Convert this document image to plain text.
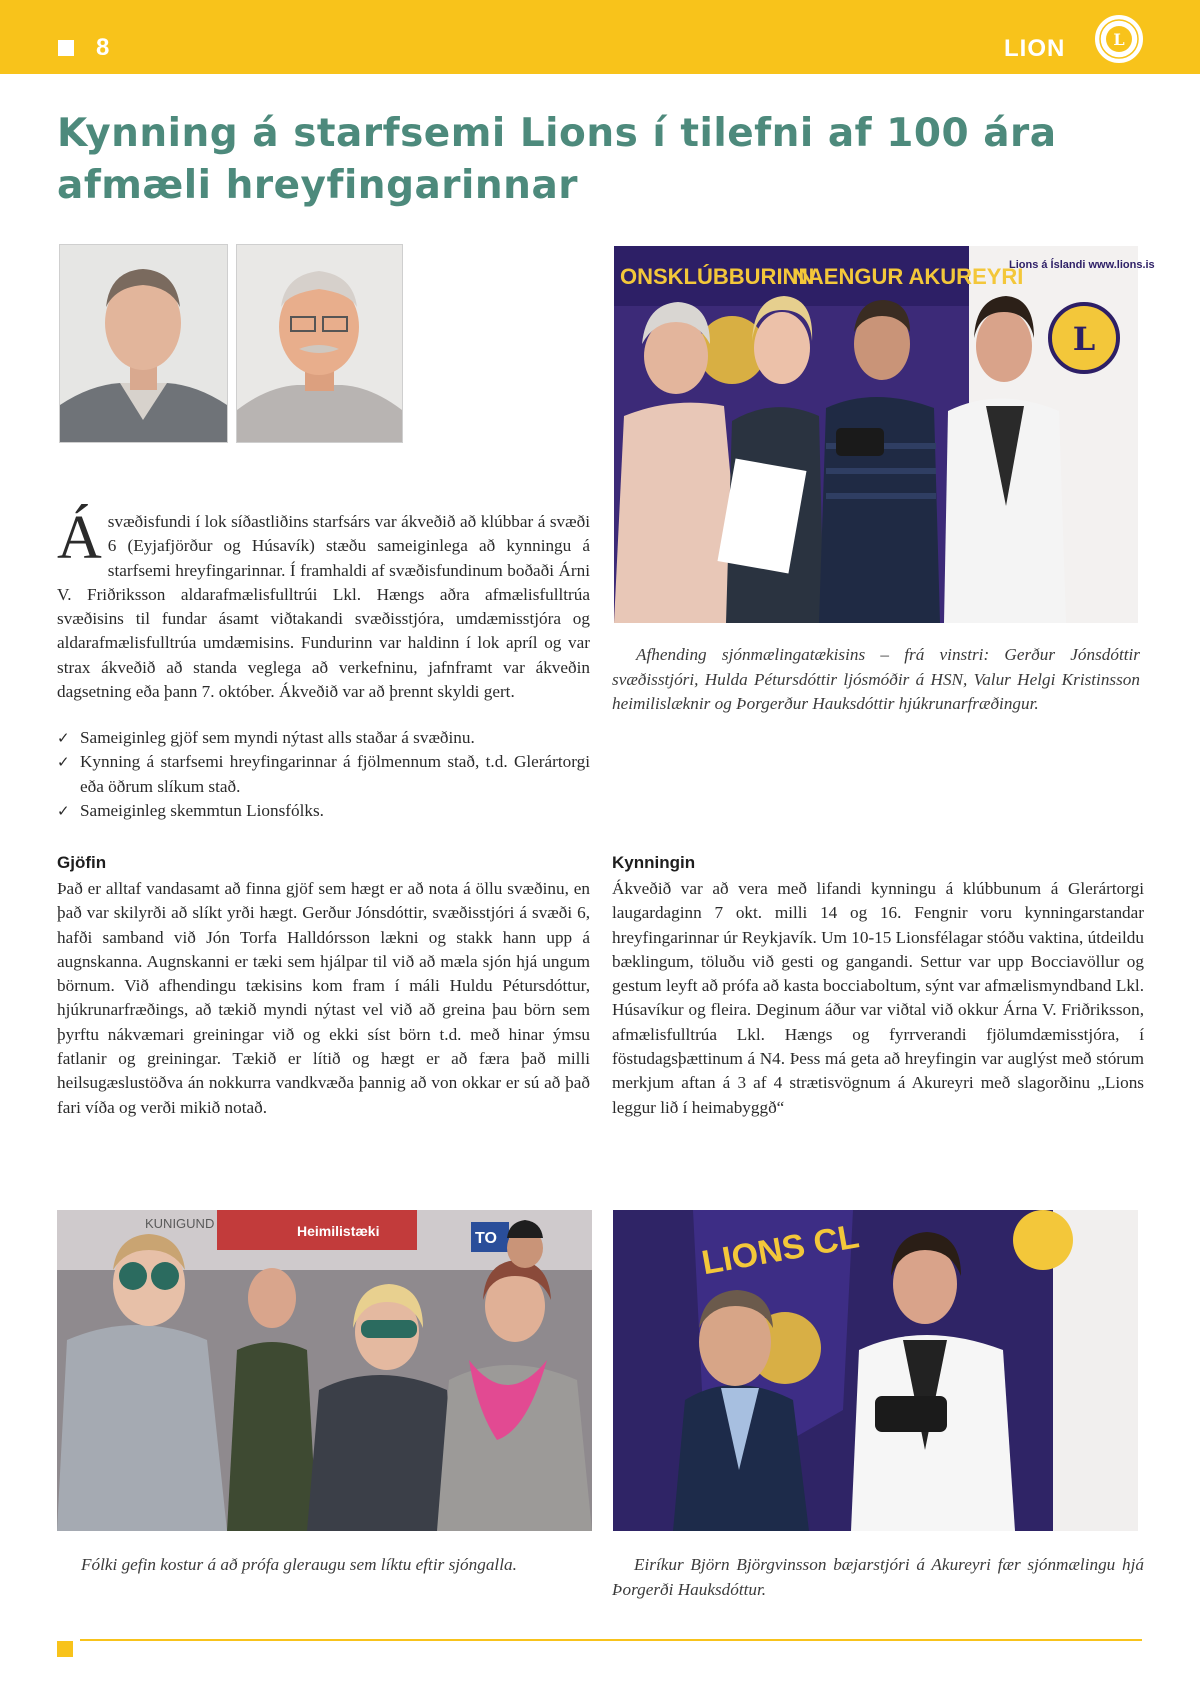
8	LION	L
Kynning á starfsemi Lions í tilefni af 100 ára afmæli hreyfingarinnar
ONSKLÚBBURINN
NAENGUR AKUREYRI
Lions á Íslandi www.lions.is
L
Á svæðisfundi í lok síðastliðins starfsárs var ákveðið að klúbbar á svæði 6 (Eyjafjörður og Húsavík) stæðu sameiginlega að kynningu á starfsemi hreyfingarinnar. Í framhaldi af svæðisfundinum boðaði Árni V. Friðriksson aldarafmælisfulltrúi Lkl. Hængs aðra afmælisfulltrúa svæðisins til fundar ásamt viðtakandi svæðisstjóra, umdæmisstjóra og aldarafmælisfulltrúa umdæmisins. Fundurinn var haldinn í lok apríl og var strax ákveðið að standa veglega að verkefninu, jafnframt var ákveðin dagsetning eða þann 7. október. Ákveðið var að þrennt skyldi gert.
Afhending sjónmælingatækisins – frá vinstri: Gerður Jónsdóttir svæðisstjóri, Hulda Pétursdóttir ljósmóðir á HSN, Valur Helgi Kristinsson heimilislæknir og Þorgerður Hauksdóttir hjúkrunarfræðingur.
✓ Sameiginleg gjöf sem myndi nýtast alls staðar á svæðinu.
✓ Kynning á starfsemi hreyfingarinnar á fjölmennum stað, t.d. Glerártorgi eða öðrum slíkum stað.
✓ Sameiginleg skemmtun Lionsfólks.
Gjöfin
Það er alltaf vandasamt að finna gjöf sem hægt er að nota á öllu svæðinu, en það var skilyrði að slíkt yrði hægt. Gerður Jónsdóttir, svæðisstjóri á svæði 6, hafði samband við Jón Torfa Halldórsson lækni og stakk hann upp á augnskanna. Augnskanni er tæki sem hjálpar til við að mæla sjón hjá ungum börnum. Við afhendingu tækisins kom fram í máli Huldu Pétursdóttur, hjúkrunarfræðings, að tækið myndi nýtast vel við að greina þau börn sem þyrftu nákvæmari greiningar við og ekki síst börn t.d. með hinar ýmsu fatlanir og greiningar. Tækið er lítið og hægt er að færa það milli heilsugæslustöðva án nokkurra vandkvæða þannig að von okkar er sú að það fari víða og verði mikið notað.
Kynningin
Ákveðið var að vera með lifandi kynningu á klúbbunum á Glerártorgi laugardaginn 7 okt. milli 14 og 16. Fengnir voru kynningarstandar hreyfingarinnar úr Reykjavík. Um 10-15 Lionsfélagar stóðu vaktina, útdeildu bæklingum, töluðu við gesti og gangandi. Settur var upp Bocciavöllur og gestum leyft að prófa að kasta bocciaboltum, sýnt var afmælismyndband Lkl. Húsavíkur og fleira. Deginum áður var viðtal við okkur Árna V. Friðriksson, afmælisfulltrúa Lkl. Hængs og fyrrverandi fjölumdæmisstjóra, í föstudagsþættinum á N4. Þess má geta að hreyfingin var auglýst með stórum merkjum aftan á 3 af 4 strætisvögnum á Akureyri með slagorðinu „Lions leggur lið í heimabyggð“
KUNIGUND	Heimilistæki	TO	LIONS CL
Fólki gefin kostur á að prófa gleraugu sem líktu eftir sjóngalla.	Eiríkur Björn Björgvinsson bæjarstjóri á Akureyri fær sjónmælingu hjá Þorgerði Hauksdóttur.
